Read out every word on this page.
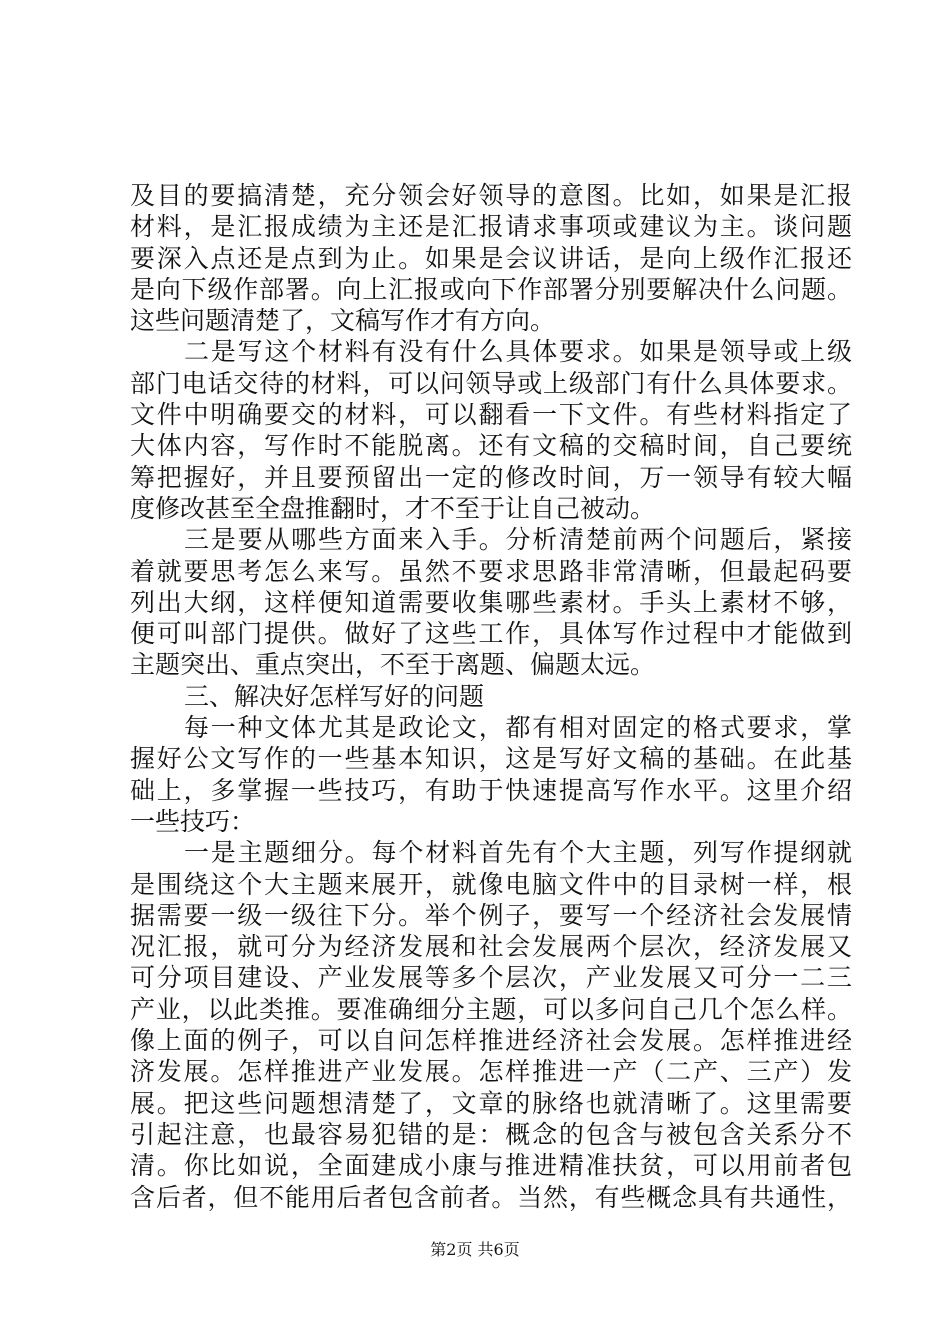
及目的要搞清楚，充分领会好领导的意图。比如，如果是汇报
材料，是汇报成绩为主还是汇报请求事项或建议为主。谈问题
要深入点还是点到为止。如果是会议讲话，是向上级作汇报还
是向下级作部署。向上汇报或向下作部署分别要解决什么问题。
这些问题清楚了，文稿写作才有方向。
二是写这个材料有没有什么具体要求。如果是领导或上级
部门电话交待的材料，可以问领导或上级部门有什么具体要求。
文件中明确要交的材料，可以翻看一下文件。有些材料指定了
大体内容，写作时不能脱离。还有文稿的交稿时间，自己要统
筹把握好，并且要预留出一定的修改时间，万一领导有较大幅
度修改甚至全盘推翻时，才不至于让自己被动。
三是要从哪些方面来入手。分析清楚前两个问题后，紧接
着就要思考怎么来写。虽然不要求思路非常清晰，但最起码要
列出大纲，这样便知道需要收集哪些素材。手头上素材不够，
便可叫部门提供。做好了这些工作，具体写作过程中才能做到
主题突出、重点突出，不至于离题、偏题太远。
三、解决好怎样写好的问题
每一种文体尤其是政论文，都有相对固定的格式要求，掌
握好公文写作的一些基本知识，这是写好文稿的基础。在此基
础上，多掌握一些技巧，有助于快速提高写作水平。这里介绍
一些技巧：
一是主题细分。每个材料首先有个大主题，列写作提纲就
是围绕这个大主题来展开，就像电脑文件中的目录树一样，根
据需要一级一级往下分。举个例子，要写一个经济社会发展情
况汇报，就可分为经济发展和社会发展两个层次，经济发展又
可分项目建设、产业发展等多个层次，产业发展又可分一二三
产业，以此类推。要准确细分主题，可以多问自己几个怎么样。
像上面的例子，可以自问怎样推进经济社会发展。怎样推进经
济发展。怎样推进产业发展。怎样推进一产（二产、三产）发
展。把这些问题想清楚了，文章的脉络也就清晰了。这里需要
引起注意，也最容易犯错的是：概念的包含与被包含关系分不
清。你比如说，全面建成小康与推进精准扶贫，可以用前者包
含后者，但不能用后者包含前者。当然，有些概念具有共通性，
第2页 共6页
